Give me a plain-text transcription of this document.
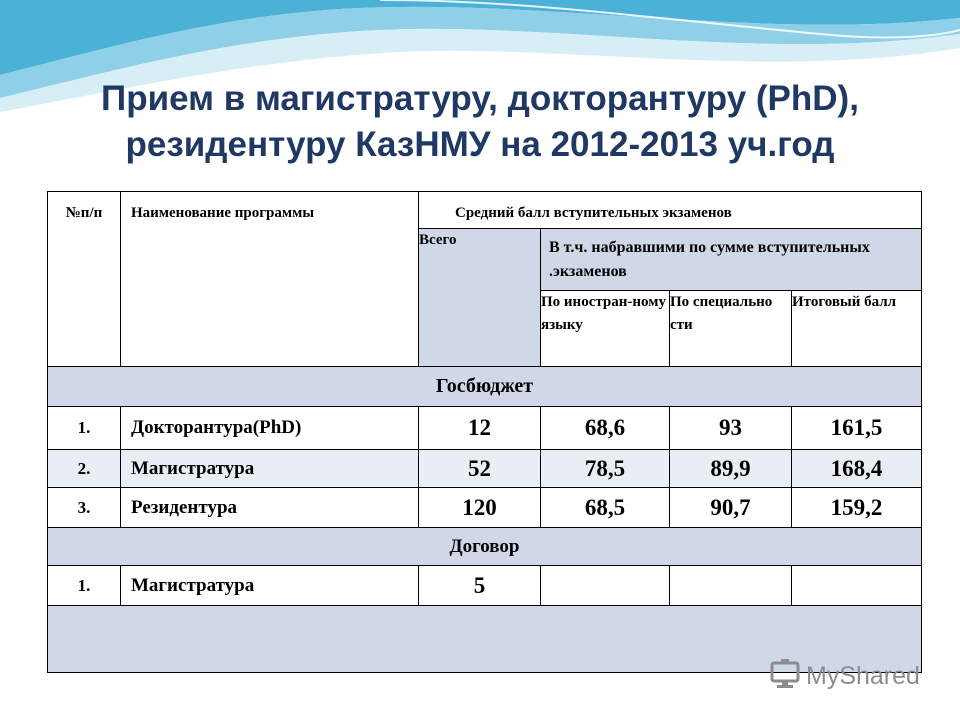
Прием в магистратуру, докторантуру (PhD),
резидентуру КазНМУ на 2012-2013 уч.год
№п/п	Наименование программы	Средний балл вступительных экзаменов			
		Всего	В т.ч. набравшими по сумме вступительных .экзаменов		
			По иностран-ному языку	По специально сти	Итоговый балл
Госбюджет					
1.	Докторантура(PhD)	12	68,6	93	161,5
2.	Магистратура	52	78,5	89,9	168,4
3.	Резидентура	120	68,5	90,7	159,2
Договор					
1.	Магистратура	5			

MyShared
